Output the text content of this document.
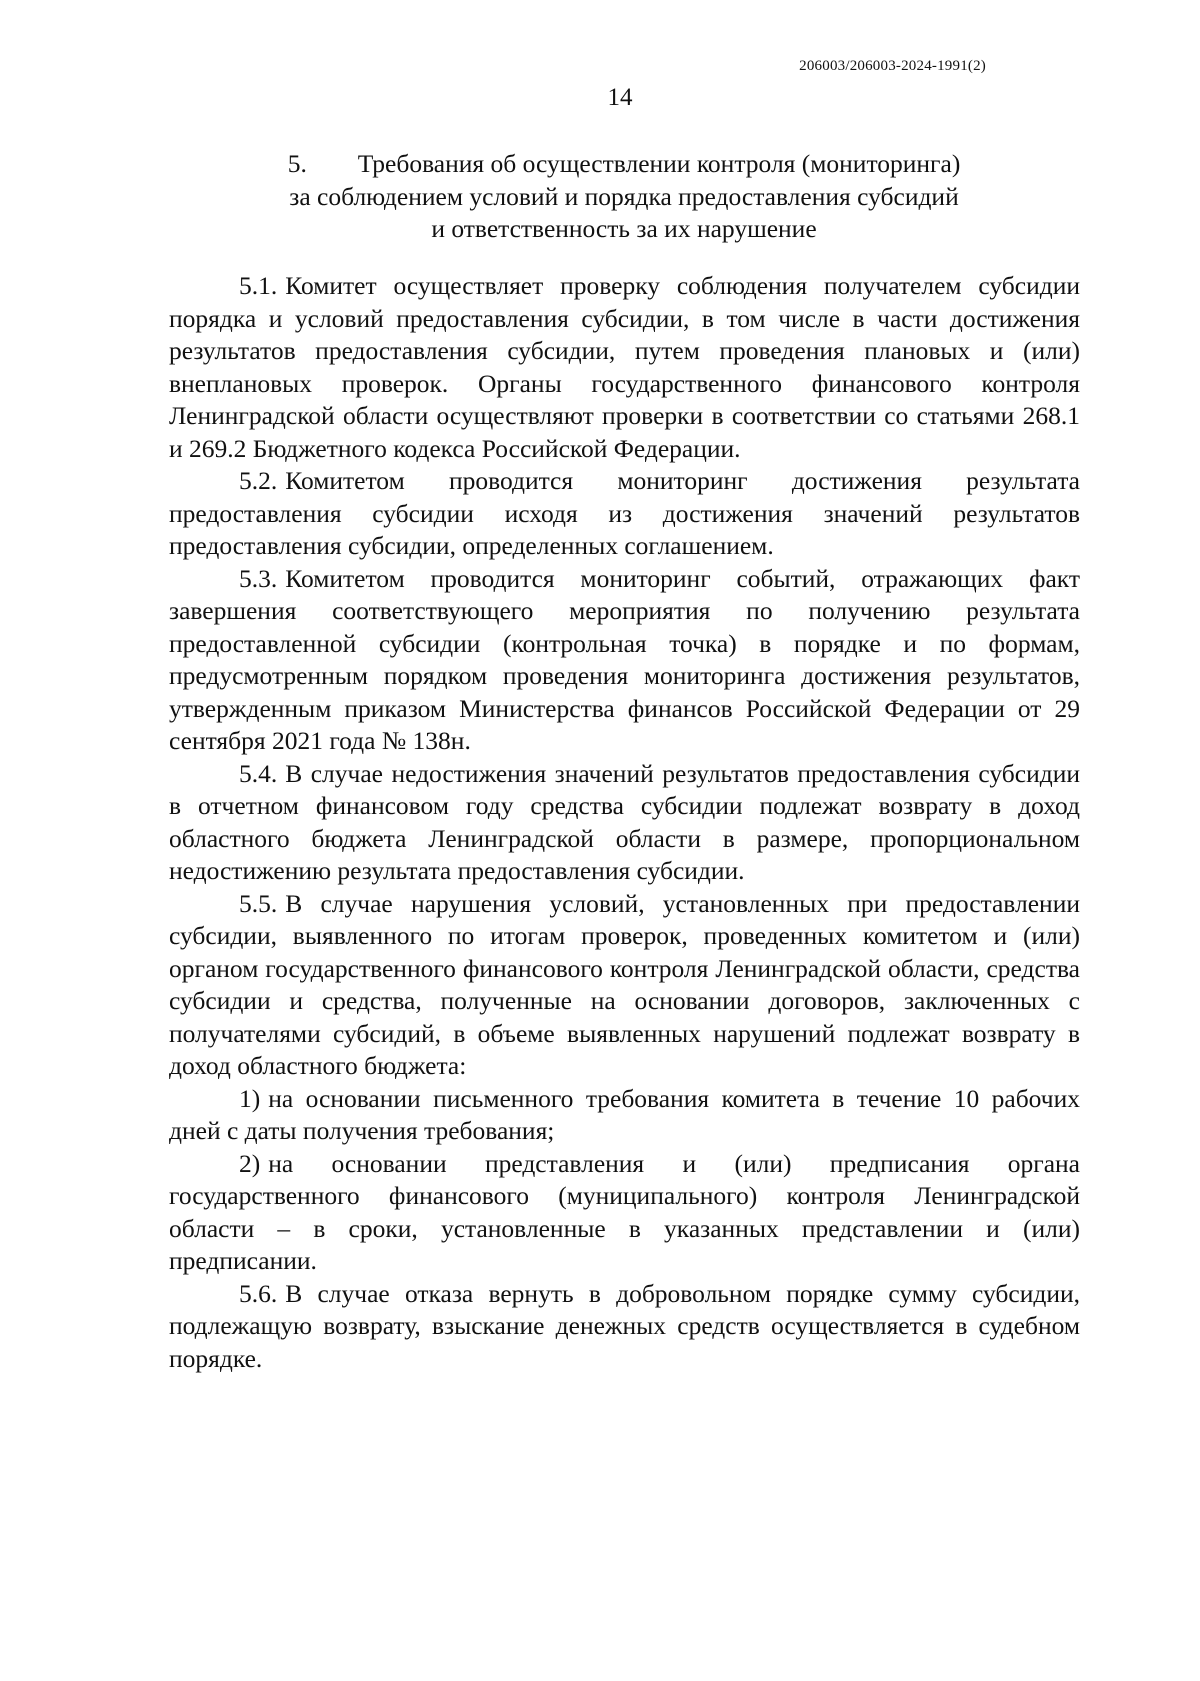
206003/206003-2024-1991(2)
14
5. Требования об осуществлении контроля (мониторинга)
за соблюдением условий и порядка предоставления субсидий
и ответственность за их нарушение

5.1. Комитет осуществляет проверку соблюдения получателем субсидии порядка и условий предоставления субсидии, в том числе в части достижения результатов предоставления субсидии, путем проведения плановых и (или) внеплановых проверок. Органы государственного финансового контроля Ленинградской области осуществляют проверки в соответствии со статьями 268.1 и 269.2 Бюджетного кодекса Российской Федерации.

5.2. Комитетом проводится мониторинг достижения результата предоставления субсидии исходя из достижения значений результатов предоставления субсидии, определенных соглашением.

5.3. Комитетом проводится мониторинг событий, отражающих факт завершения соответствующего мероприятия по получению результата предоставленной субсидии (контрольная точка) в порядке и по формам, предусмотренным порядком проведения мониторинга достижения результатов, утвержденным приказом Министерства финансов Российской Федерации от 29 сентября 2021 года № 138н.

5.4. В случае недостижения значений результатов предоставления субсидии в отчетном финансовом году средства субсидии подлежат возврату в доход областного бюджета Ленинградской области в размере, пропорциональном недостижению результата предоставления субсидии.

5.5. В случае нарушения условий, установленных при предоставлении субсидии, выявленного по итогам проверок, проведенных комитетом и (или) органом государственного финансового контроля Ленинградской области, средства субсидии и средства, полученные на основании договоров, заключенных с получателями субсидий, в объеме выявленных нарушений подлежат возврату в доход областного бюджета:

1) на основании письменного требования комитета в течение 10 рабочих дней с даты получения требования;

2) на основании представления и (или) предписания органа государственного финансового (муниципального) контроля Ленинградской области – в сроки, установленные в указанных представлении и (или) предписании.

5.6. В случае отказа вернуть в добровольном порядке сумму субсидии, подлежащую возврату, взыскание денежных средств осуществляется в судебном порядке.
